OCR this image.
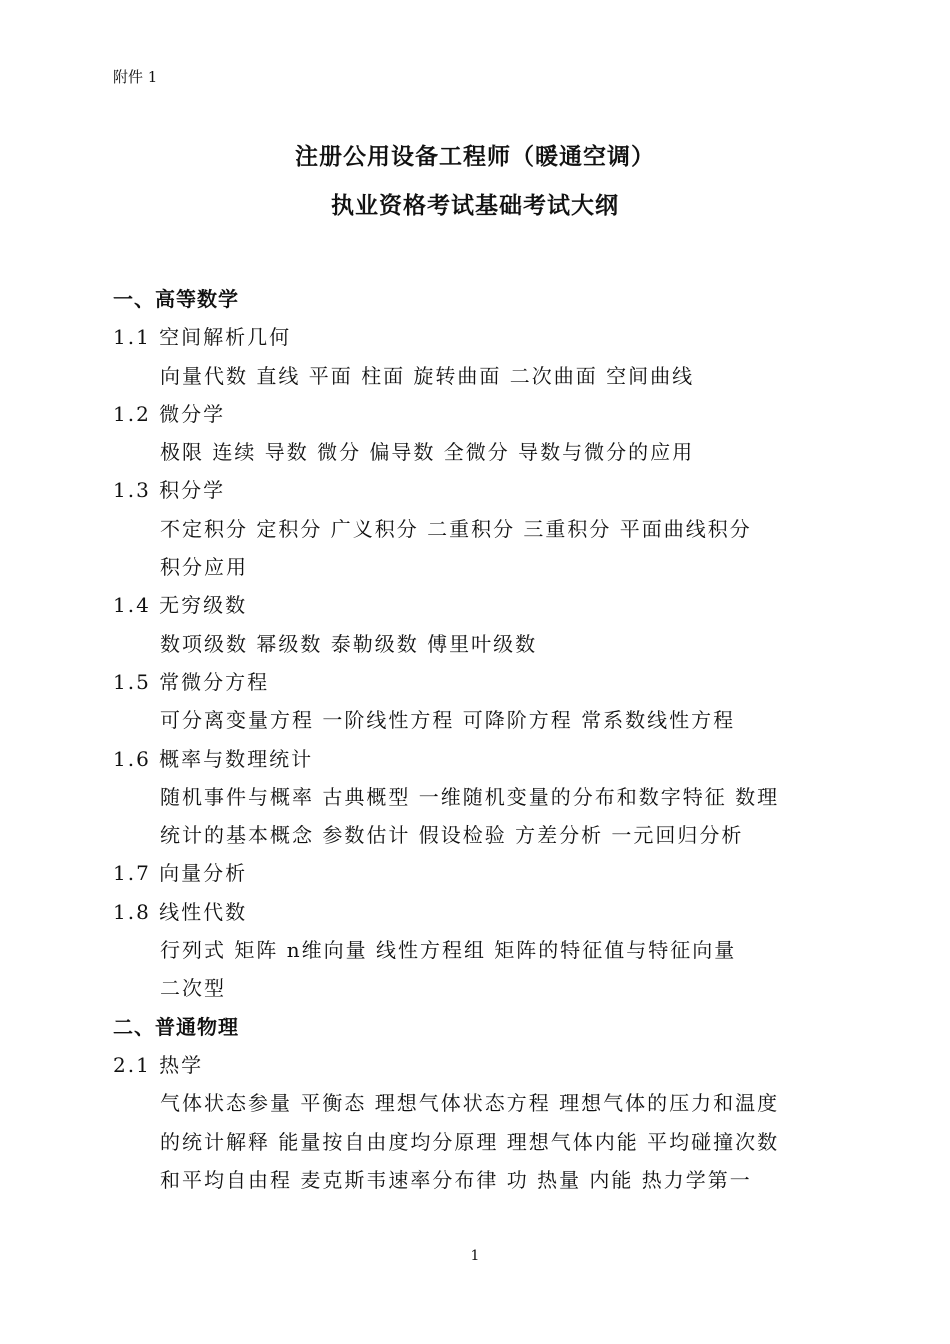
附件 1
注册公用设备工程师（暖通空调）
执业资格考试基础考试大纲
一、高等数学
1.1 空间解析几何
向量代数 直线 平面 柱面 旋转曲面 二次曲面 空间曲线
1.2 微分学
极限 连续 导数 微分 偏导数 全微分 导数与微分的应用
1.3 积分学
不定积分 定积分 广义积分 二重积分 三重积分 平面曲线积分
积分应用
1.4 无穷级数
数项级数 幂级数 泰勒级数 傅里叶级数
1.5 常微分方程
可分离变量方程 一阶线性方程 可降阶方程 常系数线性方程
1.6 概率与数理统计
随机事件与概率 古典概型 一维随机变量的分布和数字特征 数理
统计的基本概念 参数估计 假设检验 方差分析 一元回归分析
1.7 向量分析
1.8 线性代数
行列式 矩阵 n维向量 线性方程组 矩阵的特征值与特征向量
二次型
二、普通物理
2.1 热学
气体状态参量 平衡态 理想气体状态方程 理想气体的压力和温度
的统计解释 能量按自由度均分原理 理想气体内能 平均碰撞次数
和平均自由程 麦克斯韦速率分布律 功 热量 内能 热力学第一
1
